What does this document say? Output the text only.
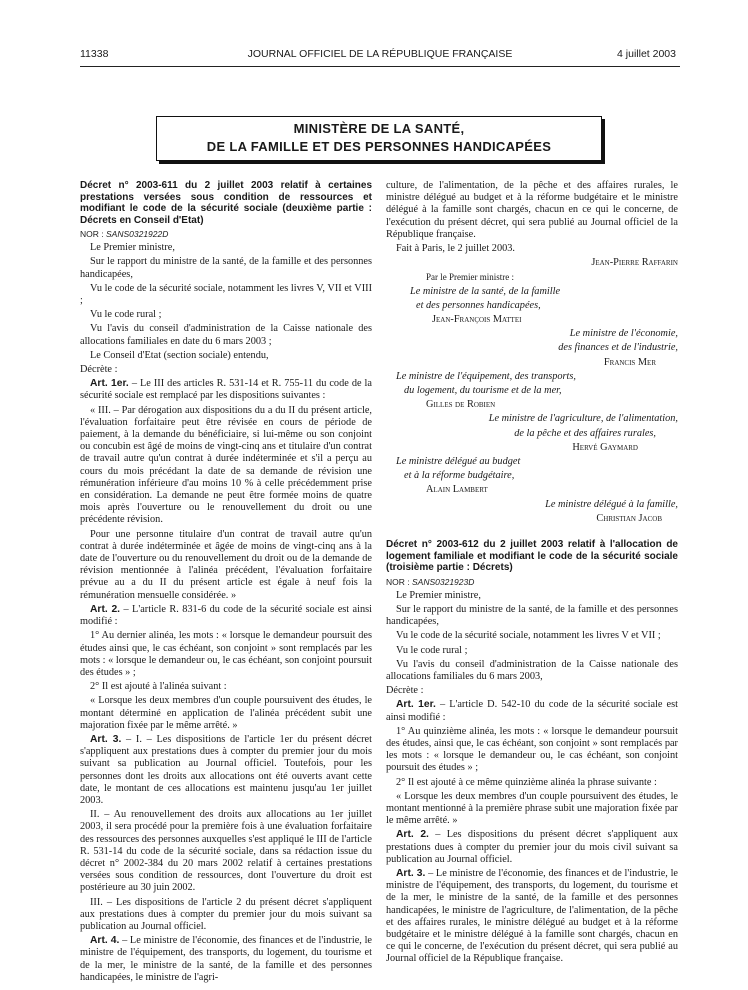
11338	JOURNAL OFFICIEL DE LA RÉPUBLIQUE FRANÇAISE	4 juillet 2003
MINISTÈRE DE LA SANTÉ,
DE LA FAMILLE ET DES PERSONNES HANDICAPÉES

Décret n° 2003-611 du 2 juillet 2003 relatif à certaines prestations versées sous condition de ressources et modifiant le code de la sécurité sociale (deuxième partie : Décrets en Conseil d'Etat)

NOR : SANS0321922D

Le Premier ministre,

Sur le rapport du ministre de la santé, de la famille et des personnes handicapées,

Vu le code de la sécurité sociale, notamment les livres V, VII et VIII ;

Vu le code rural ;

Vu l'avis du conseil d'administration de la Caisse nationale des allocations familiales en date du 6 mars 2003 ;

Le Conseil d'Etat (section sociale) entendu,

Décrète :

Art. 1er. – Le III des articles R. 531-14 et R. 755-11 du code de la sécurité sociale est remplacé par les dispositions suivantes :

« III. – Par dérogation aux dispositions du a du II du présent article, l'évaluation forfaitaire peut être révisée en cours de période de paiement, à la demande du bénéficiaire, si lui-même ou son conjoint ou concubin est âgé de moins de vingt-cinq ans et titulaire d'un contrat de travail autre qu'un contrat à durée indéterminée et s'il a perçu au cours du mois précédant la date de sa demande de révision une rémunération inférieure d'au moins 10 % à celle précédemment prise en considération. La demande ne peut être formée moins de quatre mois après l'ouverture ou le renouvellement du droit ou une précédente révision.

Pour une personne titulaire d'un contrat de travail autre qu'un contrat à durée indéterminée et âgée de moins de vingt-cinq ans à la date de l'ouverture ou du renouvellement du droit ou de la demande de révision mentionnée à l'alinéa précédent, l'évaluation forfaitaire prévue au a du II du présent article est égale à neuf fois la rémunération mensuelle considérée. »

Art. 2. – L'article R. 831-6 du code de la sécurité sociale est ainsi modifié :

1° Au dernier alinéa, les mots : « lorsque le demandeur poursuit des études ainsi que, le cas échéant, son conjoint » sont remplacés par les mots : « lorsque le demandeur ou, le cas échéant, son conjoint poursuit des études » ;

2° Il est ajouté à l'alinéa suivant :

« Lorsque les deux membres d'un couple poursuivent des études, le montant déterminé en application de l'alinéa précédent subit une majoration fixée par le même arrêté. »

Art. 3. – I. – Les dispositions de l'article 1er du présent décret s'appliquent aux prestations dues à compter du premier jour du mois suivant sa publication au Journal officiel. Toutefois, pour les personnes dont les droits aux allocations ont été ouverts avant cette date, le montant de ces allocations est maintenu jusqu'au 1er juillet 2003.

II. – Au renouvellement des droits aux allocations au 1er juillet 2003, il sera procédé pour la première fois à une évaluation forfaitaire des ressources des personnes auxquelles s'est appliqué le III de l'article R. 531-14 du code de la sécurité sociale, dans sa rédaction issue du décret n° 2002-384 du 20 mars 2002 relatif à certaines prestations versées sous condition de ressources, dont l'ouverture du droit est postérieure au 30 juin 2002.

III. – Les dispositions de l'article 2 du présent décret s'appliquent aux prestations dues à compter du premier jour du mois suivant sa publication au Journal officiel.

Art. 4. – Le ministre de l'économie, des finances et de l'industrie, le ministre de l'équipement, des transports, du logement, du tourisme et de la mer, le ministre de la santé, de la famille et des personnes handicapées, le ministre de l'agri-

culture, de l'alimentation, de la pêche et des affaires rurales, le ministre délégué au budget et à la réforme budgétaire et le ministre délégué à la famille sont chargés, chacun en ce qui le concerne, de l'exécution du présent décret, qui sera publié au Journal officiel de la République française.

Fait à Paris, le 2 juillet 2003.

Jean-Pierre Raffarin

Par le Premier ministre :

Le ministre de la santé, de la famille

et des personnes handicapées,

Jean-François Mattei

Le ministre de l'économie,

des finances et de l'industrie,

Francis Mer

Le ministre de l'équipement, des transports,

du logement, du tourisme et de la mer,

Gilles de Robien

Le ministre de l'agriculture, de l'alimentation,

de la pêche et des affaires rurales,

Hervé Gaymard

Le ministre délégué au budget

et à la réforme budgétaire,

Alain Lambert

Le ministre délégué à la famille,

Christian Jacob

Décret n° 2003-612 du 2 juillet 2003 relatif à l'allocation de logement familiale et modifiant le code de la sécurité sociale (troisième partie : Décrets)

NOR : SANS0321923D

Le Premier ministre,

Sur le rapport du ministre de la santé, de la famille et des personnes handicapées,

Vu le code de la sécurité sociale, notamment les livres V et VII ;

Vu le code rural ;

Vu l'avis du conseil d'administration de la Caisse nationale des allocations familiales du 6 mars 2003,

Décrète :

Art. 1er. – L'article D. 542-10 du code de la sécurité sociale est ainsi modifié :

1° Au quinzième alinéa, les mots : « lorsque le demandeur poursuit des études, ainsi que, le cas échéant, son conjoint » sont remplacés par les mots : « lorsque le demandeur ou, le cas échéant, son conjoint poursuit des études » ;

2° Il est ajouté à ce même quinzième alinéa la phrase suivante :

« Lorsque les deux membres d'un couple poursuivent des études, le montant mentionné à la première phrase subit une majoration fixée par le même arrêté. »

Art. 2. – Les dispositions du présent décret s'appliquent aux prestations dues à compter du premier jour du mois civil suivant sa publication au Journal officiel.

Art. 3. – Le ministre de l'économie, des finances et de l'industrie, le ministre de l'équipement, des transports, du logement, du tourisme et de la mer, le ministre de la santé, de la famille et des personnes handicapées, le ministre de l'agriculture, de l'alimentation, de la pêche et des affaires rurales, le ministre délégué au budget et à la réforme budgétaire et le ministre délégué à la famille sont chargés, chacun en ce qui le concerne, de l'exécution du présent décret, qui sera publié au Journal officiel de la République française.
